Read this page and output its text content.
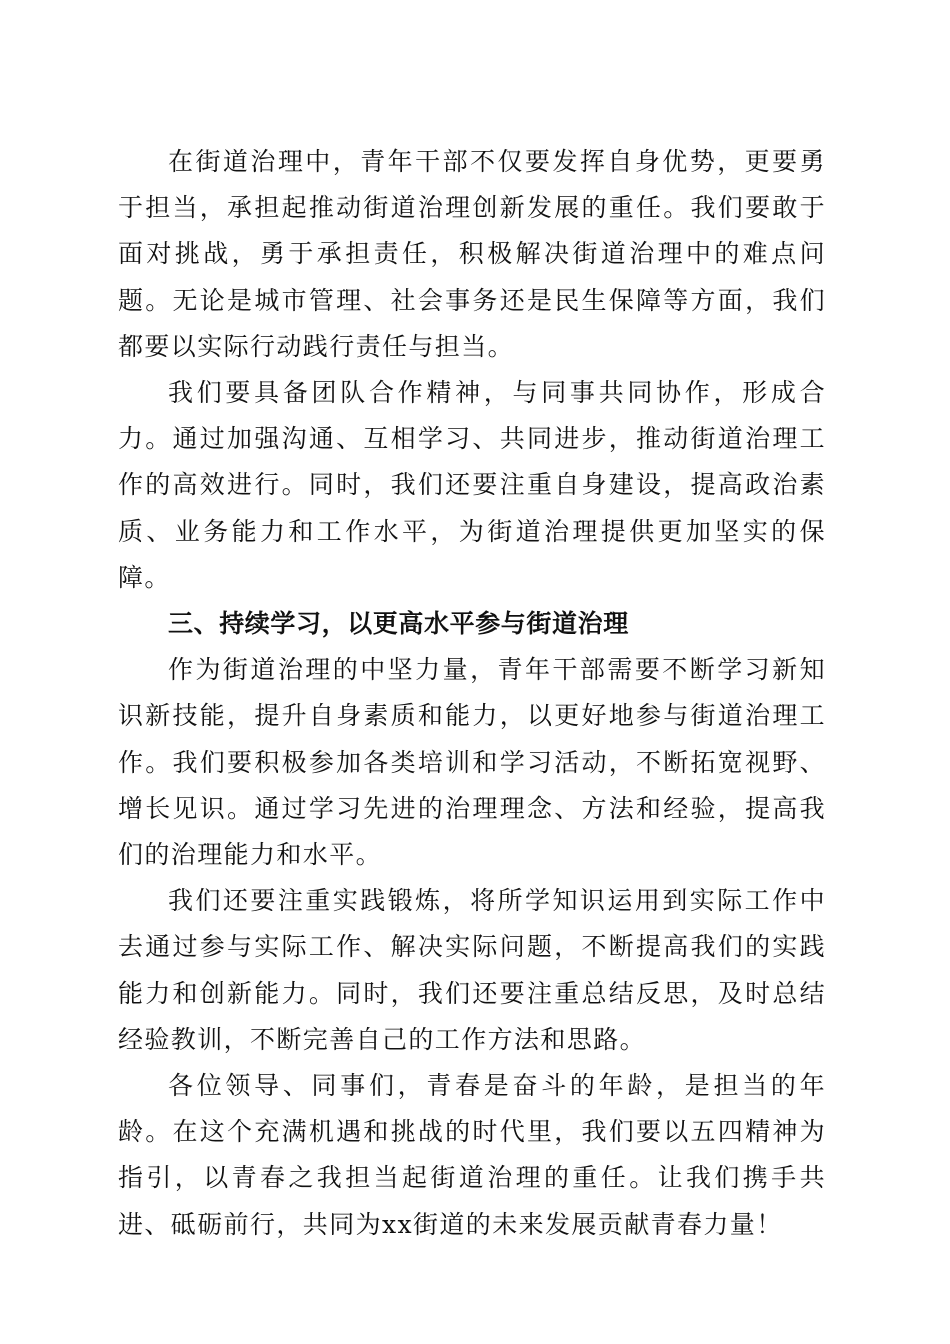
在街道治理中，青年干部不仅要发挥自身优势，更要勇于担当，承担起推动街道治理创新发展的重任。我们要敢于面对挑战，勇于承担责任，积极解决街道治理中的难点问题。无论是城市管理、社会事务还是民生保障等方面，我们都要以实际行动践行责任与担当。

我们要具备团队合作精神，与同事共同协作，形成合力。通过加强沟通、互相学习、共同进步，推动街道治理工作的高效进行。同时，我们还要注重自身建设，提高政治素质、业务能力和工作水平，为街道治理提供更加坚实的保障。

三、持续学习，以更高水平参与街道治理

作为街道治理的中坚力量，青年干部需要不断学习新知识新技能，提升自身素质和能力，以更好地参与街道治理工作。我们要积极参加各类培训和学习活动，不断拓宽视野、增长见识。通过学习先进的治理理念、方法和经验，提高我们的治理能力和水平。

我们还要注重实践锻炼，将所学知识运用到实际工作中去通过参与实际工作、解决实际问题，不断提高我们的实践能力和创新能力。同时，我们还要注重总结反思，及时总结经验教训，不断完善自己的工作方法和思路。

各位领导、同事们，青春是奋斗的年龄，是担当的年龄。在这个充满机遇和挑战的时代里，我们要以五四精神为指引，以青春之我担当起街道治理的重任。让我们携手共进、砥砺前行，共同为xx街道的未来发展贡献青春力量！
